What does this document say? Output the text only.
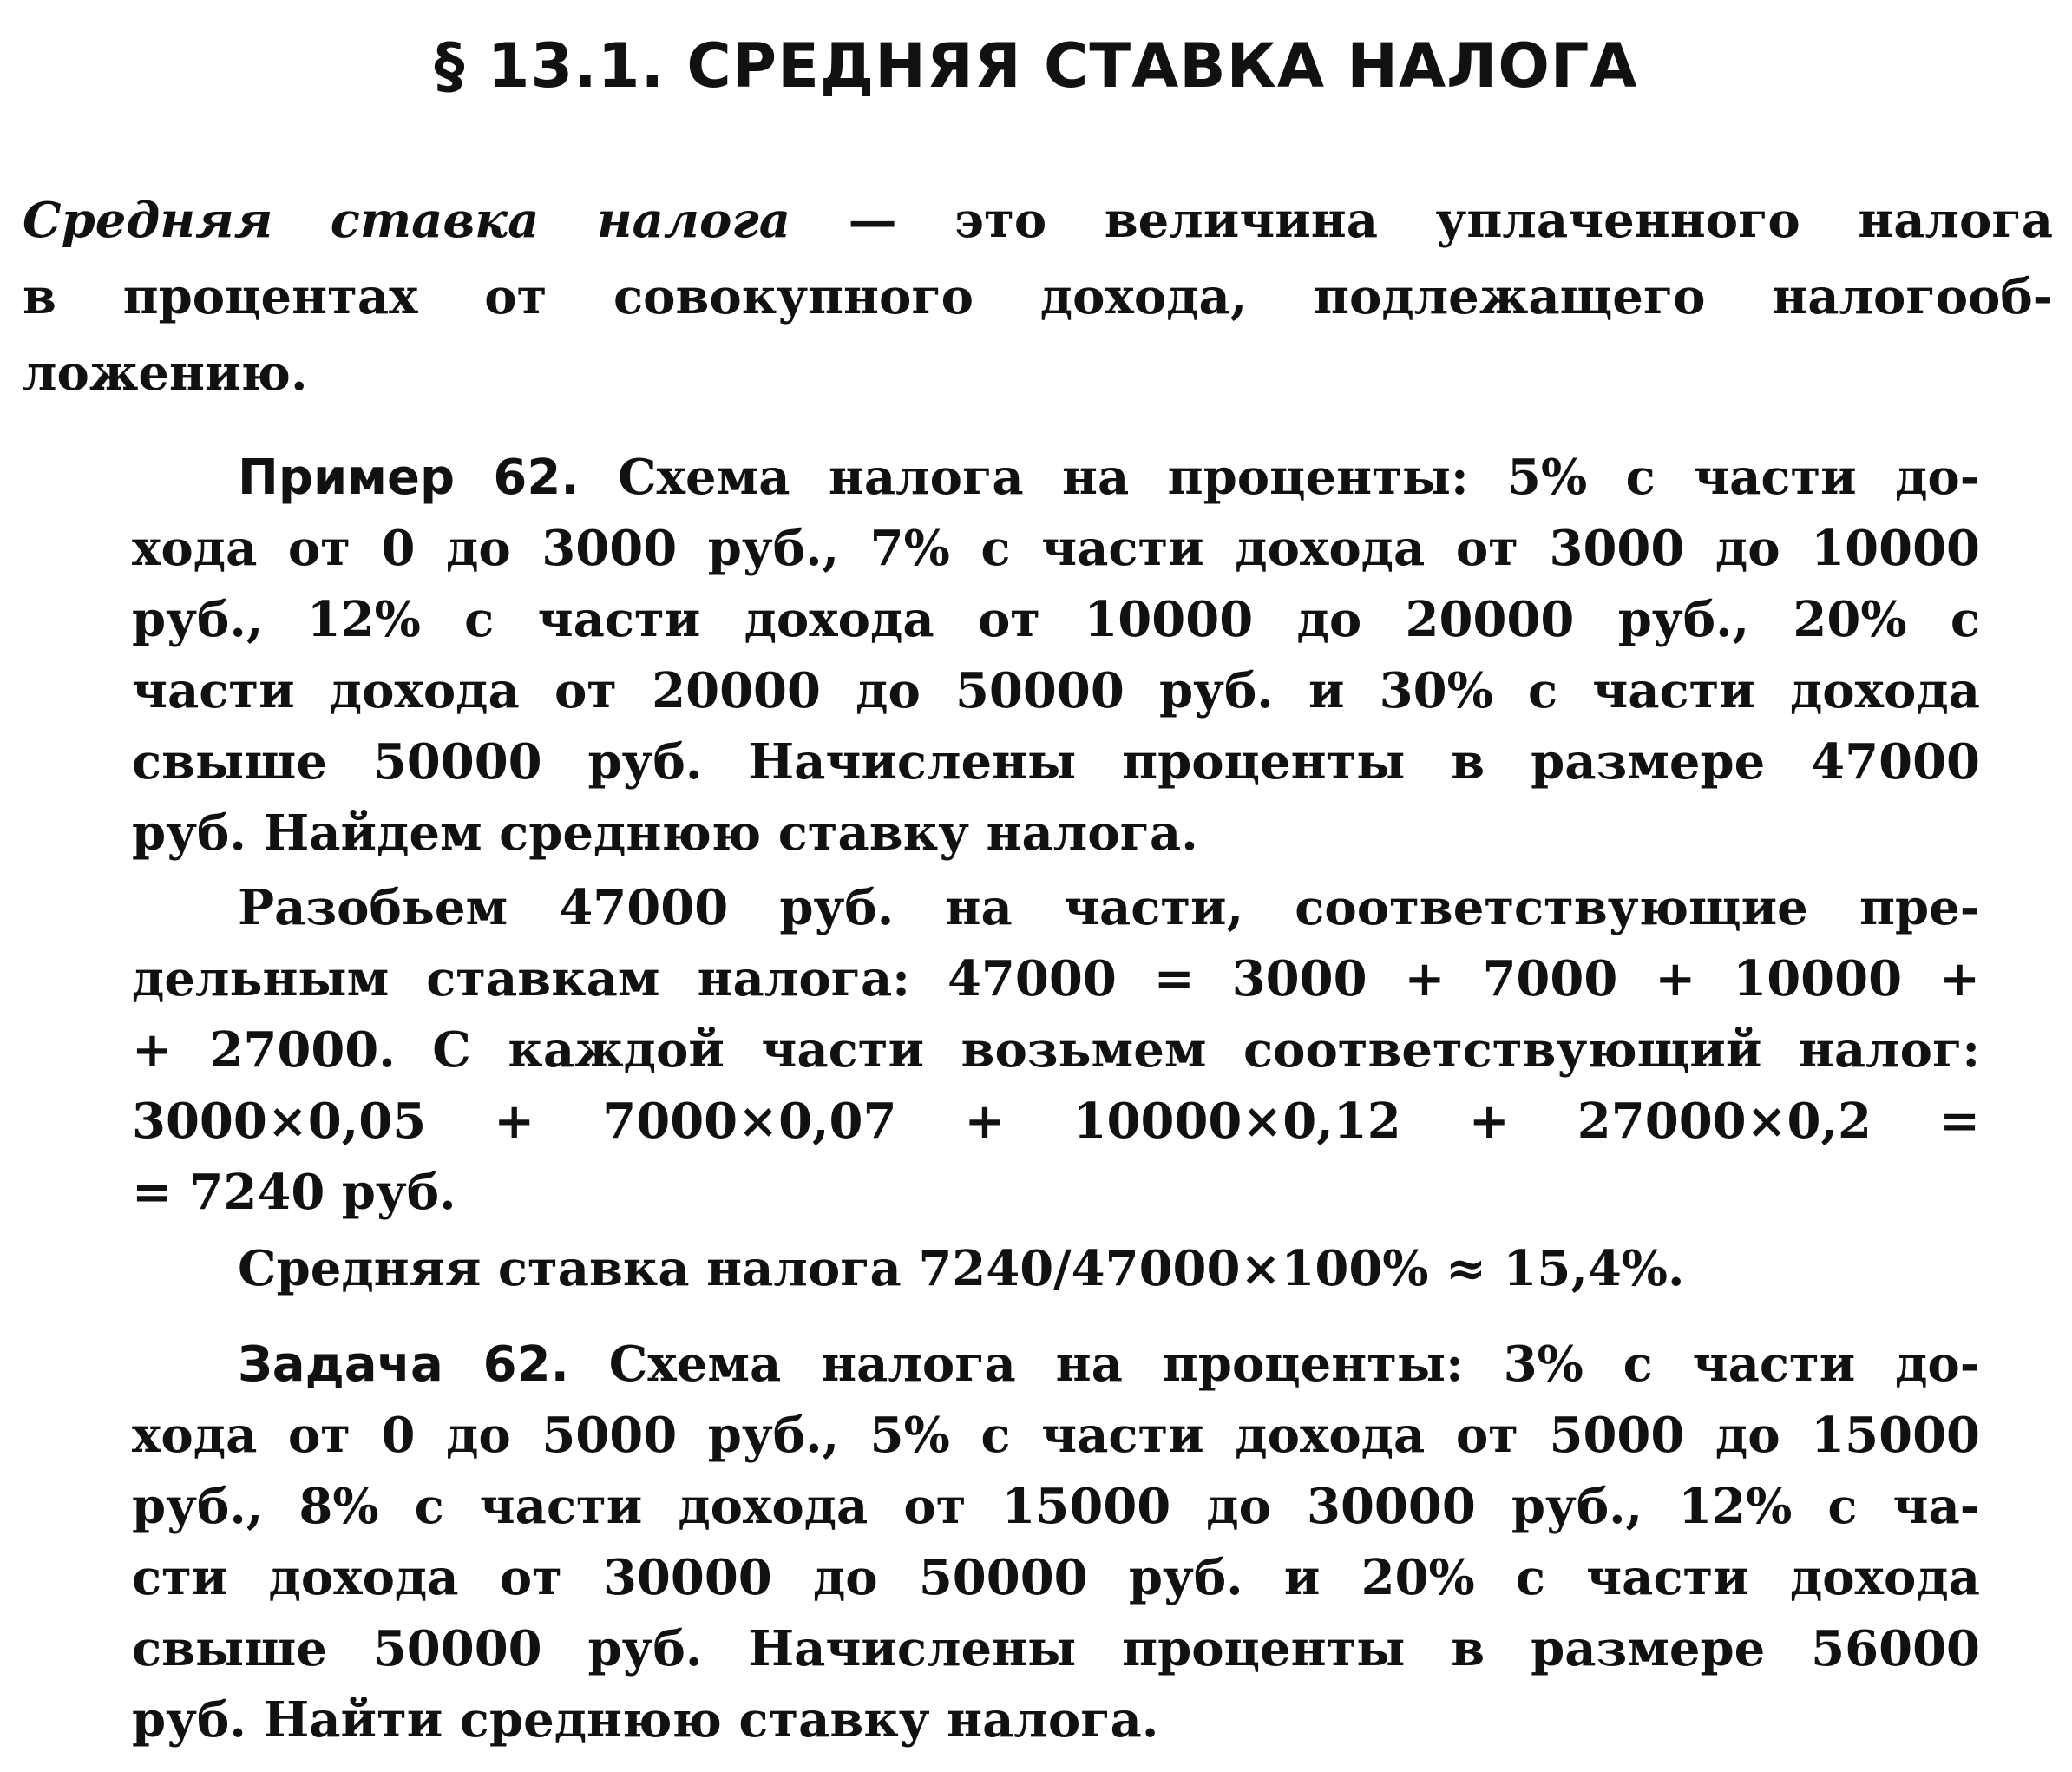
§ 13.1. СРЕДНЯЯ СТАВКА НАЛОГА
Средняя ставка налога — это величина уплаченного налога
в процентах от совокупного дохода, подлежащего налогооб-
ложению.
Пример 62. Схема налога на проценты: 5% с части до-
хода от 0 до 3000 руб., 7% с части дохода от 3000 до 10000
руб., 12% с части дохода от 10000 до 20000 руб., 20% с
части дохода от 20000 до 50000 руб. и 30% с части дохода
свыше 50000 руб. Начислены проценты в размере 47000
руб. Найдем среднюю ставку налога.
Разобьем 47000 руб. на части, соответствующие пре-
дельным ставкам налога: 47000 = 3000 + 7000 + 10000 +
+ 27000. С каждой части возьмем соответствующий налог:
3000×0,05 + 7000×0,07 + 10000×0,12 + 27000×0,2 =
= 7240 руб.
Средняя ставка налога 7240/47000×100% ≈ 15,4%.
Задача 62. Схема налога на проценты: 3% с части до-
хода от 0 до 5000 руб., 5% с части дохода от 5000 до 15000
руб., 8% с части дохода от 15000 до 30000 руб., 12% с ча-
сти дохода от 30000 до 50000 руб. и 20% с части дохода
свыше 50000 руб. Начислены проценты в размере 56000
руб. Найти среднюю ставку налога.
